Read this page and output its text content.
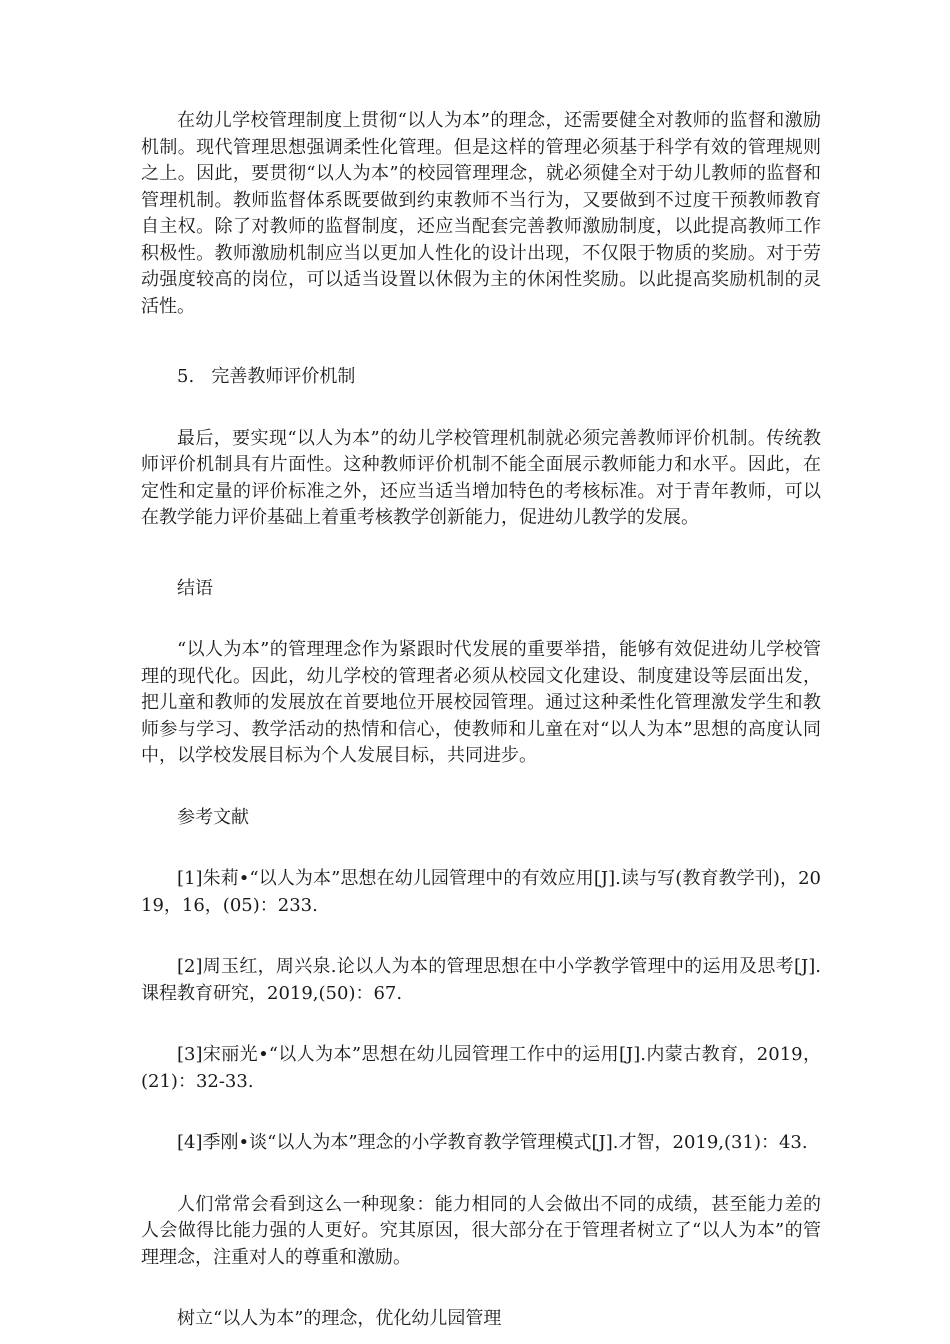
在幼儿学校管理制度上贯彻“以人为本”的理念，还需要健全对教师的监督和激励机制。现代管理思想强调柔性化管理。但是这样的管理必须基于科学有效的管理规则之上。因此，要贯彻“以人为本”的校园管理理念，就必须健全对于幼儿教师的监督和管理机制。教师监督体系既要做到约束教师不当行为，又要做到不过度干预教师教育自主权。除了对教师的监督制度，还应当配套完善教师激励制度，以此提高教师工作积极性。教师激励机制应当以更加人性化的设计出现，不仅限于物质的奖励。对于劳动强度较高的岗位，可以适当设置以休假为主的休闲性奖励。以此提高奖励机制的灵活性。

5.   完善教师评价机制

最后，要实现“以人为本”的幼儿学校管理机制就必须完善教师评价机制。传统教师评价机制具有片面性。这种教师评价机制不能全面展示教师能力和水平。因此，在定性和定量的评价标准之外，还应当适当增加特色的考核标准。对于青年教师，可以在教学能力评价基础上着重考核教学创新能力，促进幼儿教学的发展。

结语

“以人为本”的管理理念作为紧跟时代发展的重要举措，能够有效促进幼儿学校管理的现代化。因此，幼儿学校的管理者必须从校园文化建设、制度建设等层面出发，把儿童和教师的发展放在首要地位开展校园管理。通过这种柔性化管理激发学生和教师参与学习、教学活动的热情和信心，使教师和儿童在对“以人为本”思想的高度认同中，以学校发展目标为个人发展目标，共同进步。

参考文献

[1]朱莉•“以人为本”思想在幼儿园管理中的有效应用[J].读与写(教育教学刊)，2019，16，(05)：233.

[2]周玉红，周兴泉.论以人为本的管理思想在中小学教学管理中的运用及思考[J].课程教育研究，2019,(50)：67.

[3]宋丽光•“以人为本”思想在幼儿园管理工作中的运用[J].内蒙古教育，2019，(21)：32-33.

[4]季刚•谈“以人为本”理念的小学教育教学管理模式[J].才智，2019,(31)：43.

人们常常会看到这么一种现象：能力相同的人会做出不同的成绩，甚至能力差的人会做得比能力强的人更好。究其原因，很大部分在于管理者树立了“以人为本”的管理理念，注重对人的尊重和激励。

树立“以人为本”的理念，优化幼儿园管理
